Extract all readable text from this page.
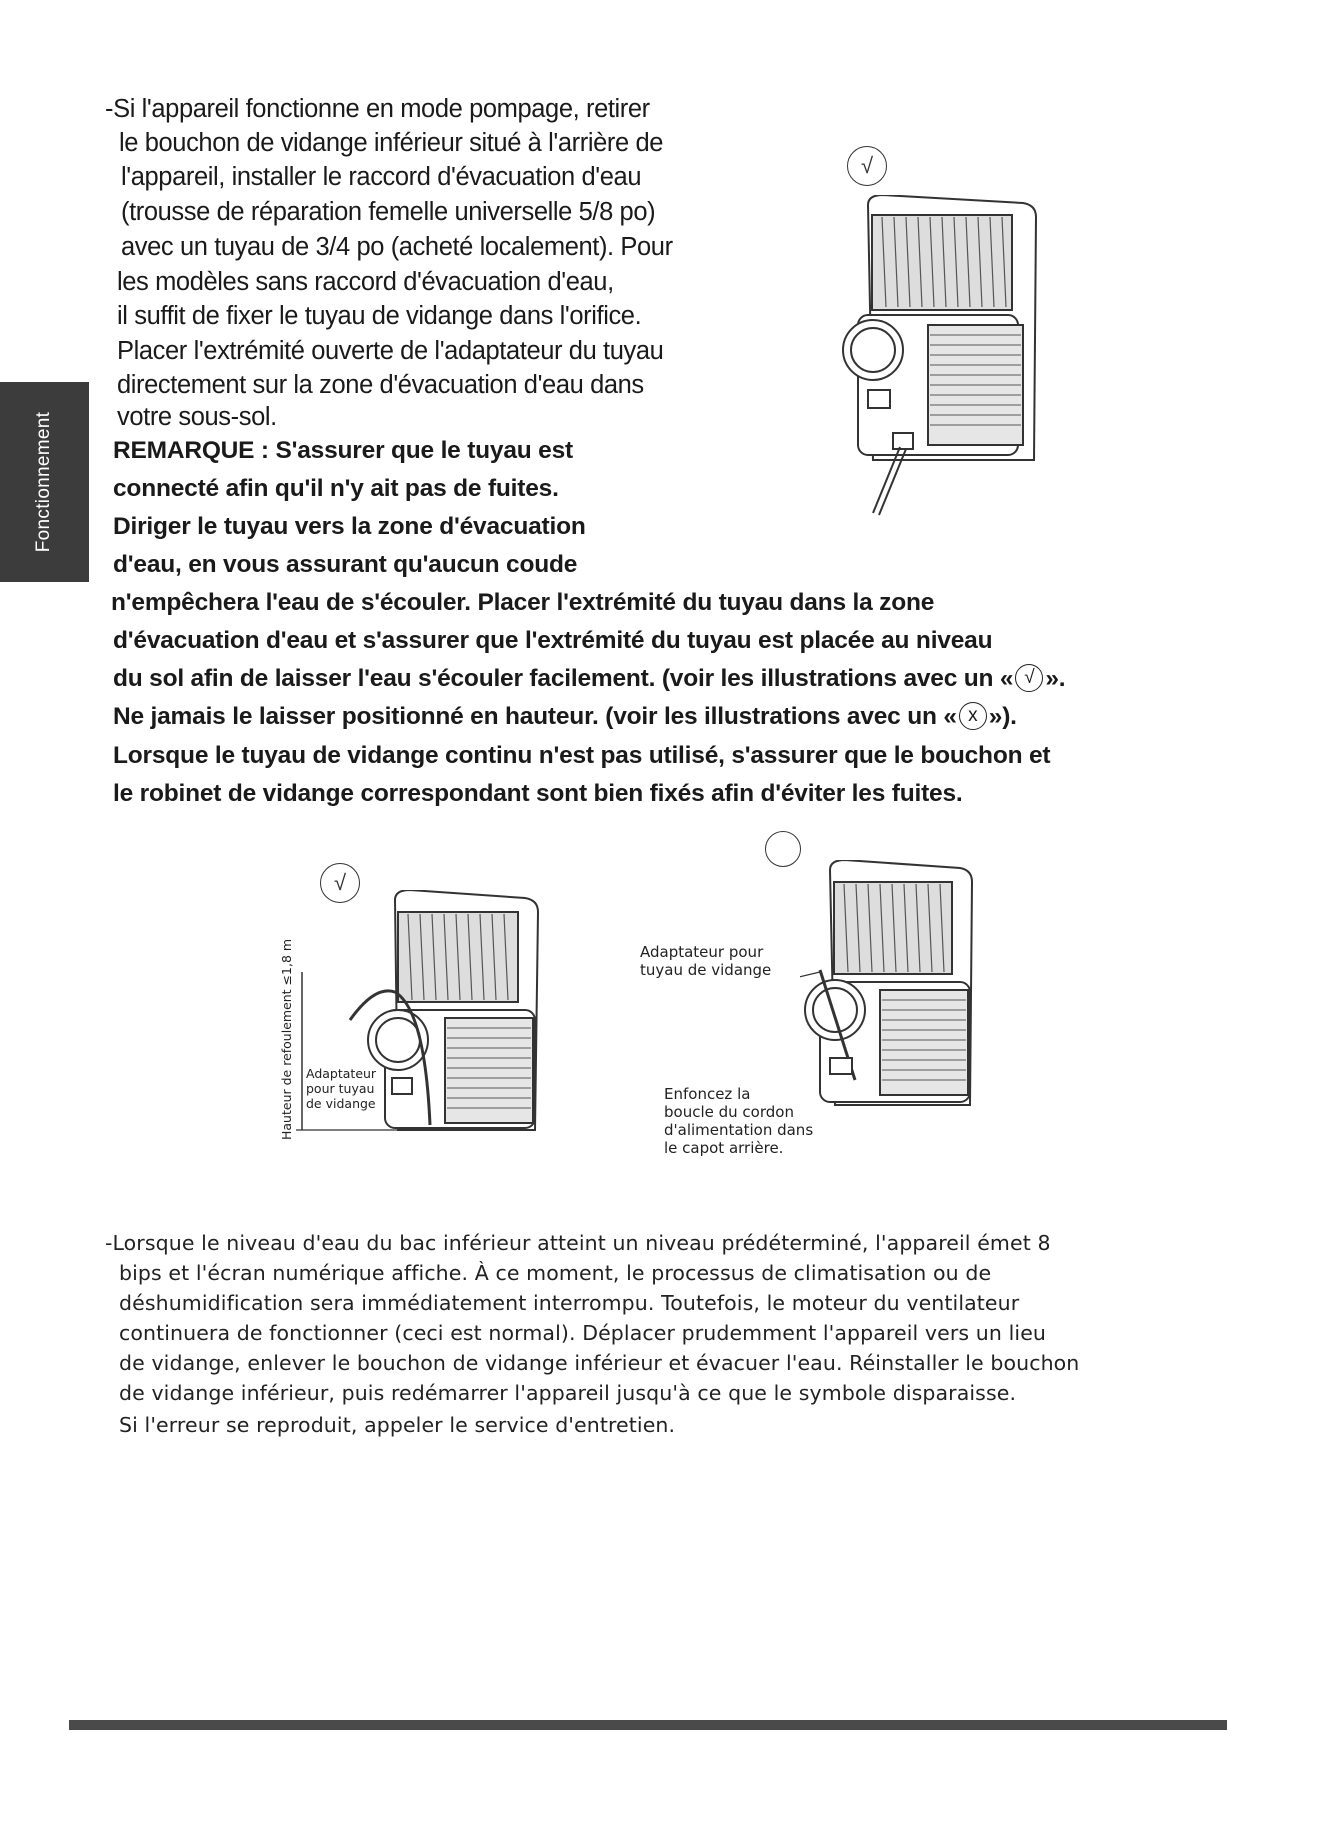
Fonctionnement
-Si l'appareil fonctionne en mode pompage, retirer
le bouchon de vidange inférieur situé à l'arrière de
l'appareil, installer le raccord d'évacuation d'eau
(trousse de réparation femelle universelle 5/8 po)
avec un tuyau de 3/4 po (acheté localement). Pour
les modèles sans raccord d'évacuation d'eau,
il suffit de fixer le tuyau de vidange dans l'orifice.
Placer l'extrémité ouverte de l'adaptateur du tuyau
directement sur la zone d'évacuation d'eau dans
votre sous-sol.
REMARQUE : S'assurer que le tuyau est
connecté afin qu'il n'y ait pas de fuites.
Diriger le tuyau vers la zone d'évacuation
d'eau, en vous assurant qu'aucun coude
n'empêchera l'eau de s'écouler. Placer l'extrémité du tuyau dans la zone
d'évacuation d'eau et s'assurer que l'extrémité du tuyau est placée au niveau
du sol afin de laisser l'eau s'écouler facilement. (voir les illustrations avec un « √ ».
Ne jamais le laisser positionné en hauteur. (voir les illustrations avec un « x »).
Lorsque le tuyau de vidange continu n'est pas utilisé, s'assurer que le bouchon et
le robinet de vidange correspondant sont bien fixés afin d'éviter les fuites.
√
√
Hauteur de refoulement ≤1,8 m Adaptateur
pour tuyau
de vidange
Adaptateur pour
tuyau de vidange
Enfoncez la
boucle du cordon
d'alimentation dans
le capot arrière.
-Lorsque le niveau d'eau du bac inférieur atteint un niveau prédéterminé, l'appareil émet 8
bips et l'écran numérique affiche. À ce moment, le processus de climatisation ou de
déshumidification sera immédiatement interrompu. Toutefois, le moteur du ventilateur
continuera de fonctionner (ceci est normal). Déplacer prudemment l'appareil vers un lieu
de vidange, enlever le bouchon de vidange inférieur et évacuer l'eau. Réinstaller le bouchon
de vidange inférieur, puis redémarrer l'appareil jusqu'à ce que le symbole disparaisse.
Si l'erreur se reproduit, appeler le service d'entretien.
